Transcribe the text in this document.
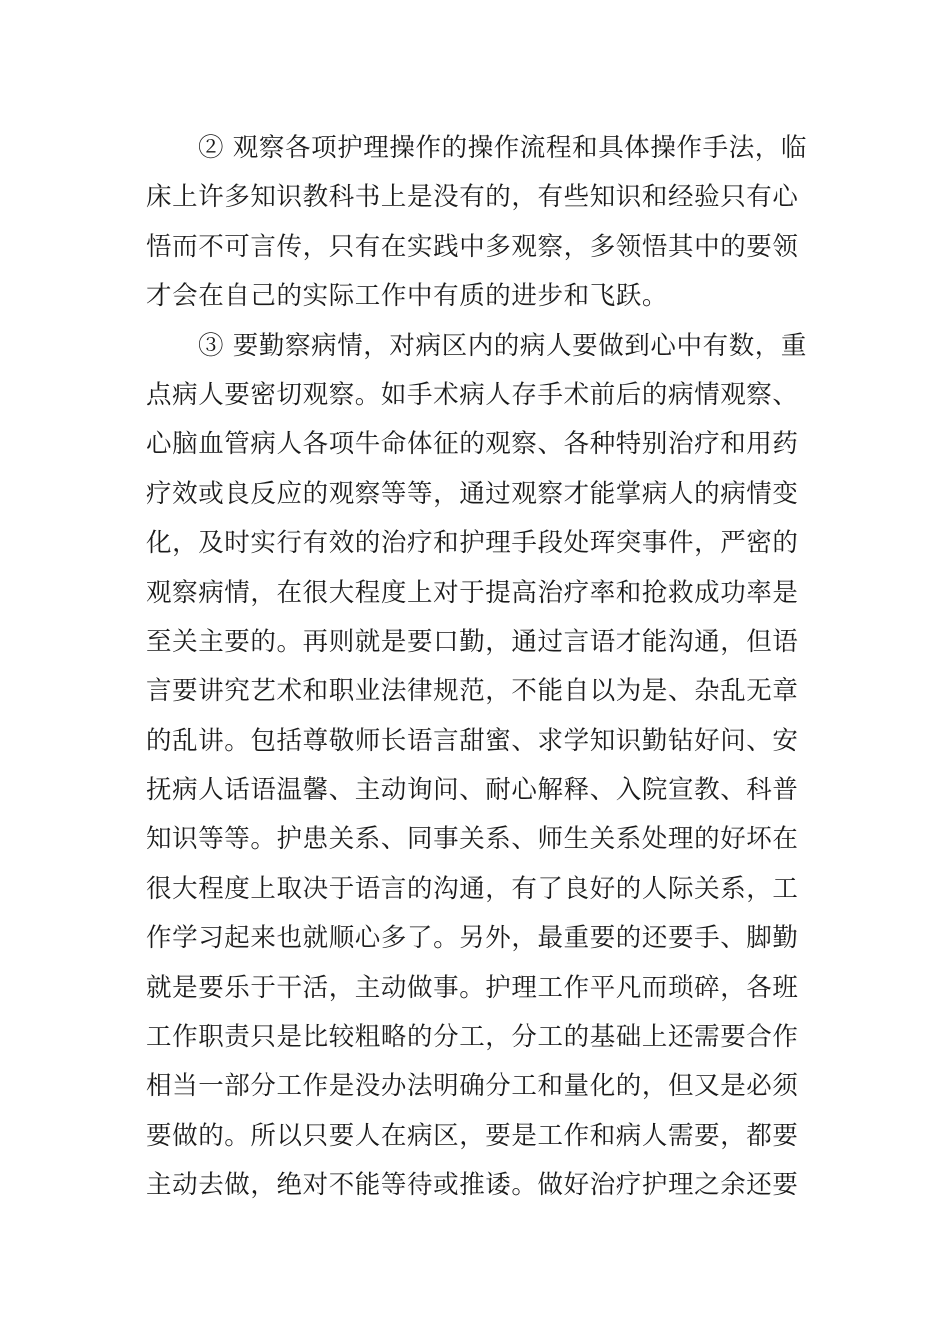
② 观察各项护理操作的操作流程和具体操作手法，临
床上许多知识教科书上是没有的，有些知识和经验只有心
悟而不可言传，只有在实践中多观察，多领悟其中的要领
才会在自己的实际工作中有质的进步和飞跃。
③ 要勤察病情，对病区内的病人要做到心中有数，重
点病人要密切观察。如手术病人存手术前后的病情观察、
心脑血管病人各项牛命体征的观察、各种特别治疗和用药
疗效或良反应的观察等等，通过观察才能掌病人的病情变
化，及时实行有效的治疗和护理手段处珲突事件，严密的
观察病情，在很大程度上对于提高治疗率和抢救成功率是
至关主要的。再则就是要口勤，通过言语才能沟通，但语
言要讲究艺术和职业法律规范，不能自以为是、杂乱无章
的乱讲。包括尊敬师长语言甜蜜、求学知识勤钻好问、安
抚病人话语温馨、主动询问、耐心解释、入院宣教、科普
知识等等。护患关系、同事关系、师生关系处理的好坏在
很大程度上取决于语言的沟通，有了良好的人际关系，工
作学习起来也就顺心多了。另外，最重要的还要手、脚勤
就是要乐于干活，主动做事。护理工作平凡而琐碎，各班
工作职责只是比较粗略的分工，分工的基础上还需要合作
相当一部分工作是没办法明确分工和量化的，但又是必须
要做的。所以只要人在病区，要是工作和病人需要，都要
主动去做，绝对不能等待或推诿。做好治疗护理之余还要
